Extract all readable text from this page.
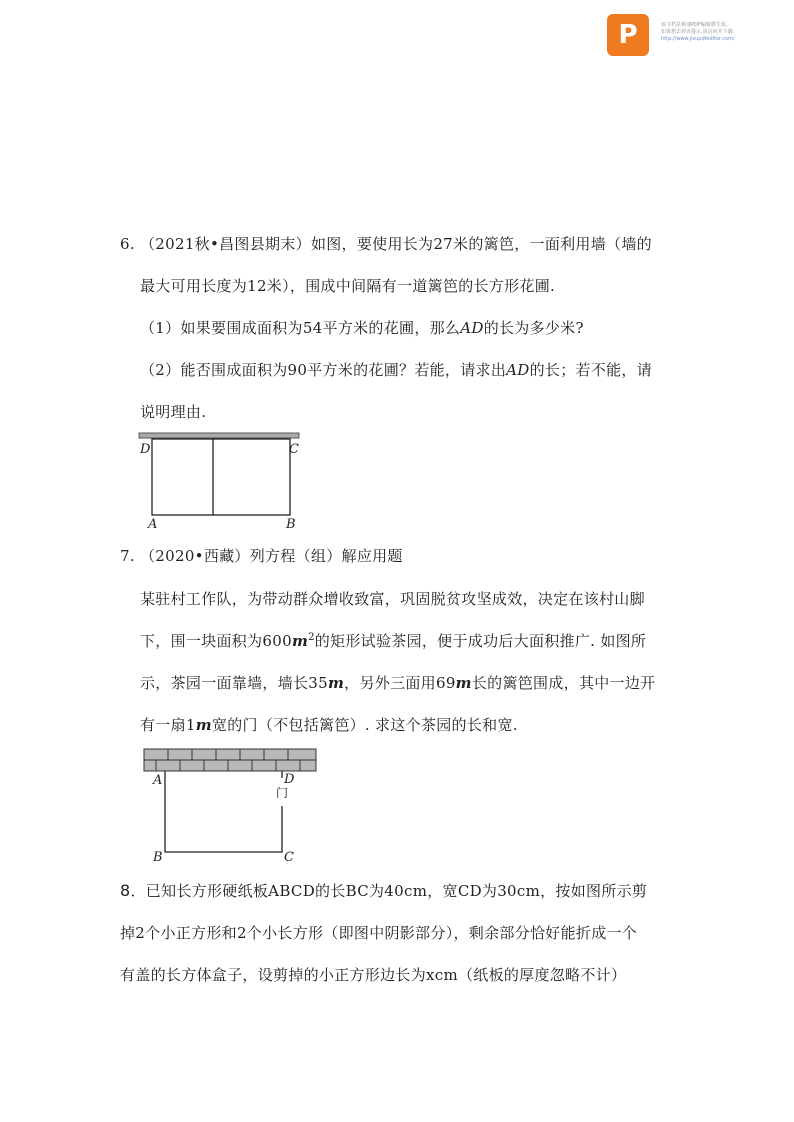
P	该文档是极速PDF编辑器生成,
如果想去掉该提示,请访问并下载:
http://www.jisupdfeditor.com/
6. （2021秋•昌图县期末）如图，要使用长为27米的篱笆，一面利用墙（墙的
最大可用长度为12米），围成中间隔有一道篱笆的长方形花圃.
（1）如果要围成面积为54平方米的花圃，那么AD的长为多少米?
（2）能否围成面积为90平方米的花圃？若能，请求出AD的长；若不能，请
说明理由.
D	C
A	B
7. （2020•西藏）列方程（组）解应用题
某驻村工作队，为带动群众增收致富，巩固脱贫攻坚成效，决定在该村山脚
下，围一块面积为$600m^2$的矩形试验茶园，便于成功后大面积推广. 如图所
示，茶园一面靠墙，墙长35m，另外三面用69m长的篱笆围成，其中一边开
有一扇1m宽的门（不包括篱笆）. 求这个茶园的长和宽.
A	D
门
B	C
8．已知长方形硬纸板ABCD的长BC为40cm，宽CD为30cm，按如图所示剪
掉2个小正方形和2个小长方形（即图中阴影部分），剩余部分恰好能折成一个
有盖的长方体盒子，设剪掉的小正方形边长为xcm（纸板的厚度忽略不计）
